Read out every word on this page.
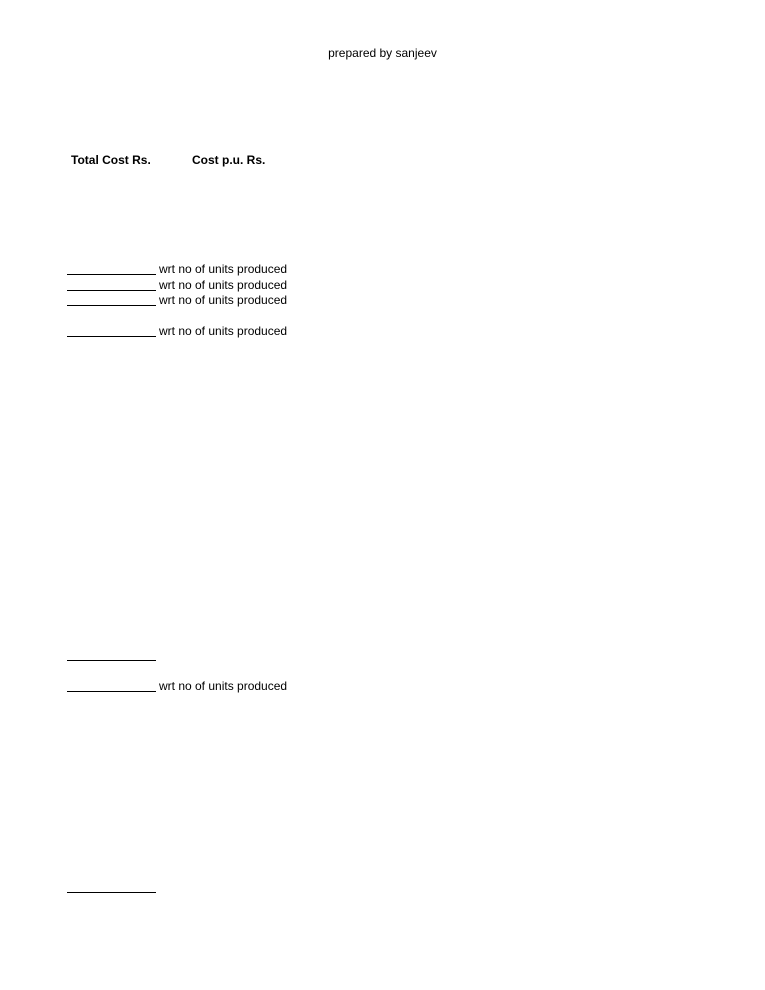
prepared by sanjeev
Total Cost Rs.	Cost p.u. Rs.
wrt no of units produced
wrt no of units produced
wrt no of units produced
wrt no of units produced
wrt no of units produced
